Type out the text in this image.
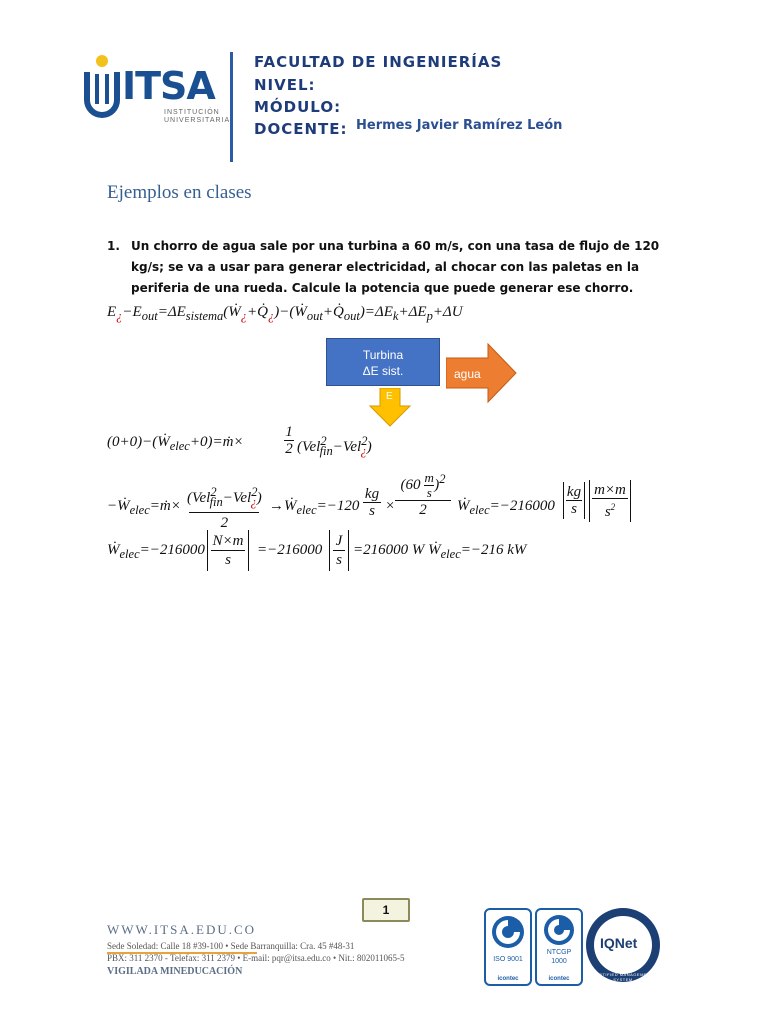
ITSA
INSTITUCIÓN
UNIVERSITARIA
FACULTAD DE INGENIERÍAS
NIVEL:
MÓDULO:
DOCENTE: Hermes Javier Ramírez León
Ejemplos en clases
1. Un chorro de agua sale por una turbina a 60 m/s, con una tasa de flujo de 120 kg/s; se va a usar para generar electricidad, al chocar con las paletas en la periferia de una rueda. Calcule la potencia que puede generar ese chorro.
$E_¿-E_{out}=\Delta E_{sistema}(Ẇ_¿+Q̇_¿)-(Ẇ_{out}+Q̇_{out})=\Delta E_k+\Delta E_p+\Delta U$
Turbina
ΔE sist.	agua
E
(0+0)−(Ẇ$_{elec}$+0)=ṁ×
1
2 (Vel$^2_{fin}$−Vel$^2_¿$)
−Ẇ$_{elec}$=ṁ× (Vel$^2_{fin}$−Vel$^2_¿$)
2
→Ẇ$_{elec}$=−120
kg
s ×
(60 m
s )$^2$
2	Ẇ$_{elec}$=−216000
kg
s
m×m
$s^2$
Ẇ$_{elec}$=−216000
N×m
s
=−216000
J
s
=216000 W Ẇ$_{elec}$=−216 kW
1
WWW.ITSA.EDU.CO
Sede Soledad: Calle 18 #39-100 • Sede Barranquilla: Cra. 45 #48-31
PBX: 311 2370 - Telefax: 311 2379 • E-mail: pqr@itsa.edu.co • Nit.: 802011065-5
VIGILADA MINEDUCACIÓN
ISO 9001
icontec
NTCGP
1000
icontec
IQNet
CERTIFIED MANAGEMENT SYSTEM
